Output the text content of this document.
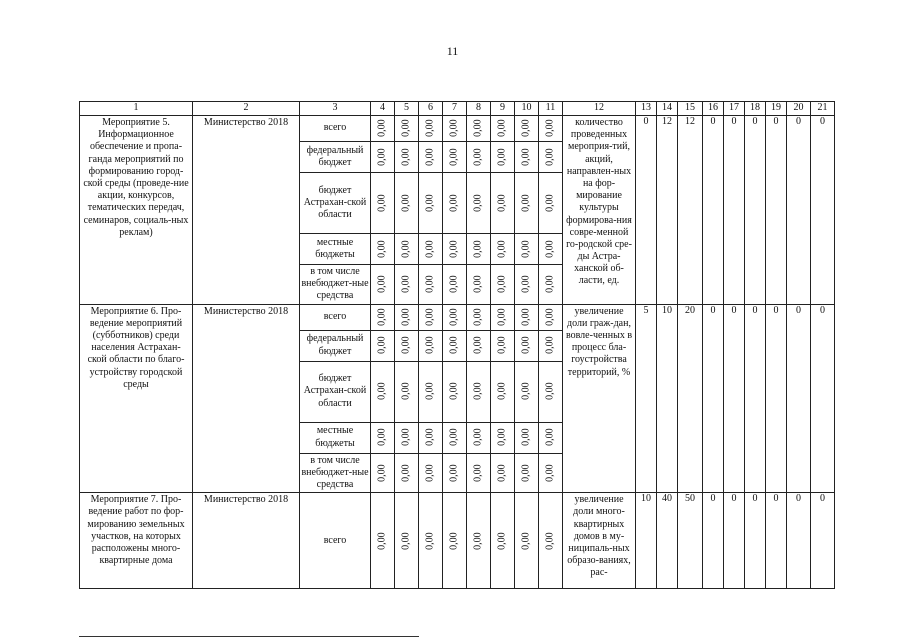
11
1	2	3	4	5	6	7	8	9	10	11	12	13	14	15	16	17	18	19	20	21
Мероприятие 5. Информационное обеспечение и пропа-ганда мероприятий по формированию город-ской среды (проведе-ние акции, конкурсов, тематических передач, семинаров, социаль-ных реклам)	Министерство 2018	всего	0,00	0,00	0,00	0,00	0,00	0,00	0,00	0,00	количество проведенных мероприя-тий, акций, направлен-ных на фор-мирование культуры формирова-ния совре-менной го-родской сре-ды Астра-ханской об-ласти, ед.	0	12	12	0	0	0	0	0	0
		федеральный бюджет	0,00	0,00	0,00	0,00	0,00	0,00	0,00	0,00										
		бюджет Астрахан-ской области	0,00	0,00	0,00	0,00	0,00	0,00	0,00	0,00										
		местные бюджеты	0,00	0,00	0,00	0,00	0,00	0,00	0,00	0,00										
		в том числе внебюджет-ные средства	0,00	0,00	0,00	0,00	0,00	0,00	0,00	0,00										
Мероприятие 6. Про-ведение мероприятий (субботников) среди населения Астрахан-ской области по благо-устройству городской среды	Министерство 2018	всего	0,00	0,00	0,00	0,00	0,00	0,00	0,00	0,00	увеличение доли граж-дан, вовле-ченных в процесс бла-гоустройства территорий, %	5	10	20	0	0	0	0	0	0
		федеральный бюджет	0,00	0,00	0,00	0,00	0,00	0,00	0,00	0,00										
		бюджет Астрахан-ской области	0,00	0,00	0,00	0,00	0,00	0,00	0,00	0,00										
		местные бюджеты	0,00	0,00	0,00	0,00	0,00	0,00	0,00	0,00										
		в том числе внебюджет-ные средства	0,00	0,00	0,00	0,00	0,00	0,00	0,00	0,00										
Мероприятие 7. Про-ведение работ по фор-мированию земельных участков, на которых расположены много-квартирные дома	Министерство 2018	всего	0,00	0,00	0,00	0,00	0,00	0,00	0,00	0,00	увеличение доли много-квартирных домов в му-ниципаль-ных образо-ваниях, рас-	10	40	50	0	0	0	0	0	0
